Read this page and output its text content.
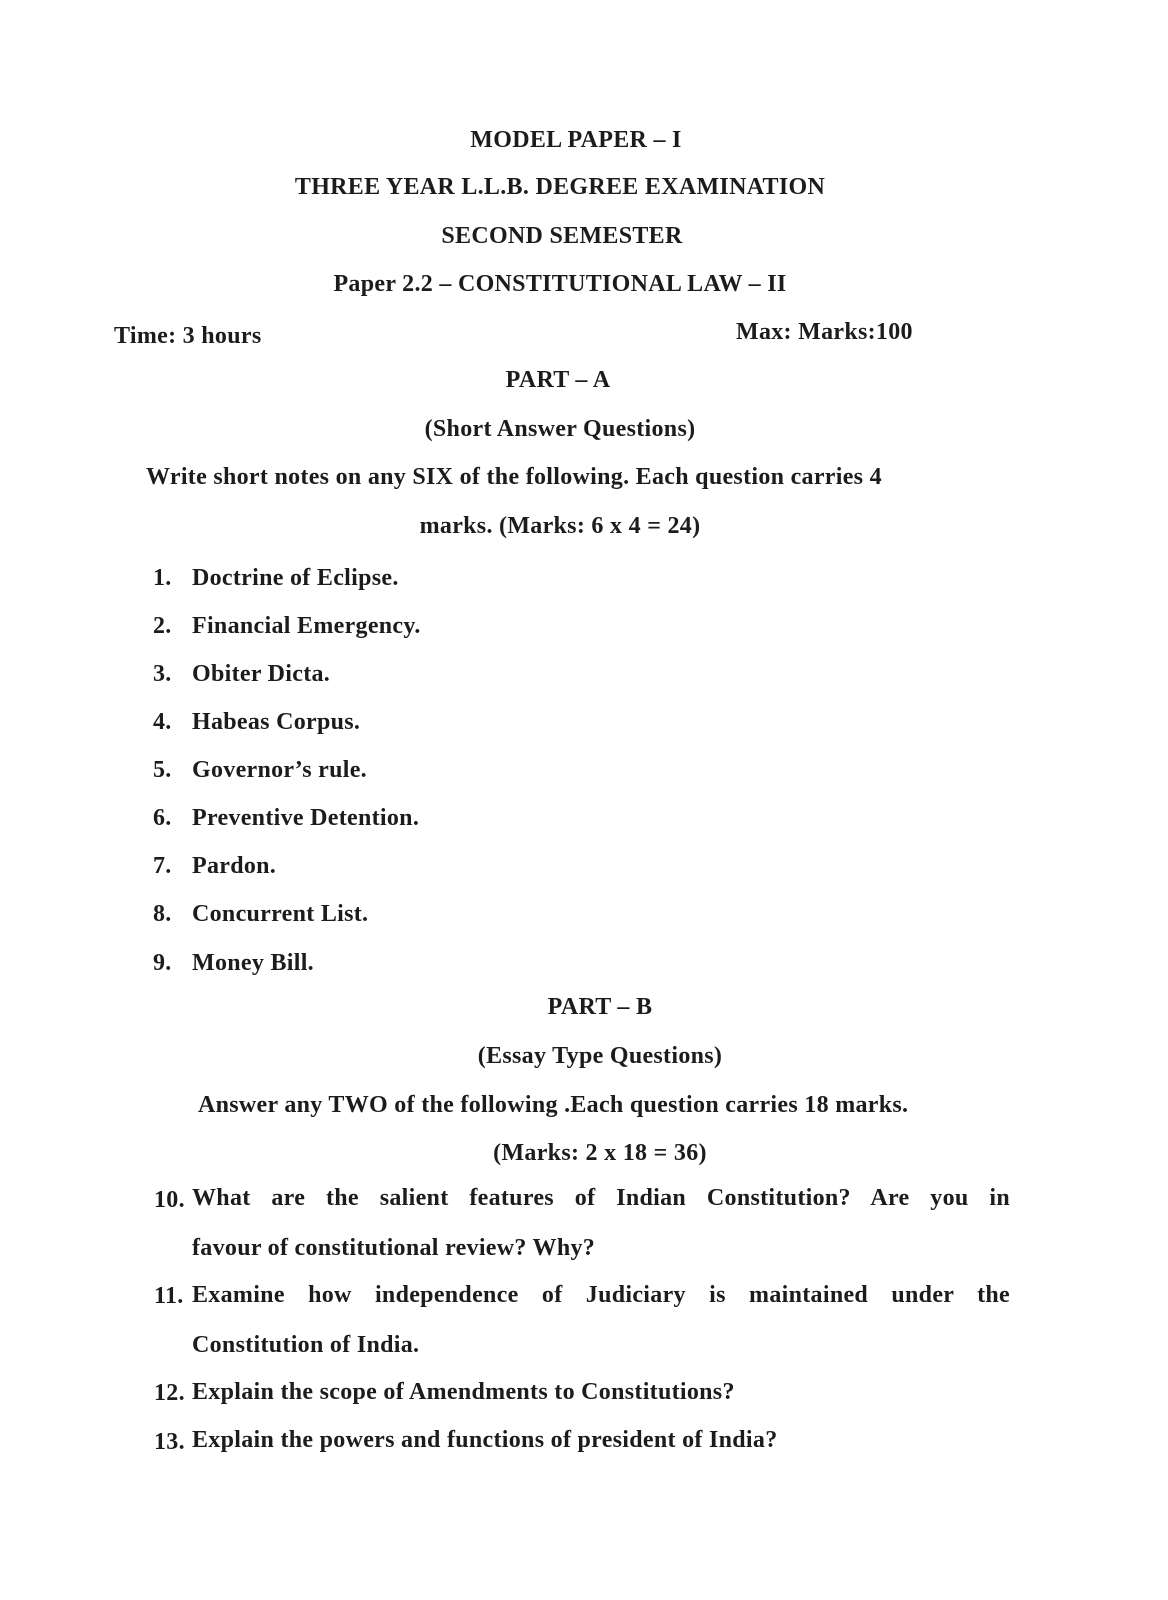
MODEL PAPER – I
THREE YEAR L.L.B. DEGREE EXAMINATION
SECOND SEMESTER
Paper 2.2 – CONSTITUTIONAL LAW – II
Time: 3 hours	Max: Marks:100
PART – A
(Short Answer Questions)
Write short notes on any SIX of the following. Each question carries 4
marks. (Marks: 6 x 4 = 24)
1. Doctrine of Eclipse.
2. Financial Emergency.
3. Obiter Dicta.
4. Habeas Corpus.
5. Governor’s rule.
6. Preventive Detention.
7. Pardon.
8. Concurrent List.
9. Money Bill.
PART – B
(Essay Type Questions)
Answer any TWO of the following .Each question carries 18 marks.
(Marks: 2 x 18 = 36)
10. What are the salient features of Indian Constitution? Are you in
favour of constitutional review? Why?
11. Examine how independence of Judiciary is maintained under the
Constitution of India.
12. Explain the scope of Amendments to Constitutions?
13. Explain the powers and functions of president of India?
